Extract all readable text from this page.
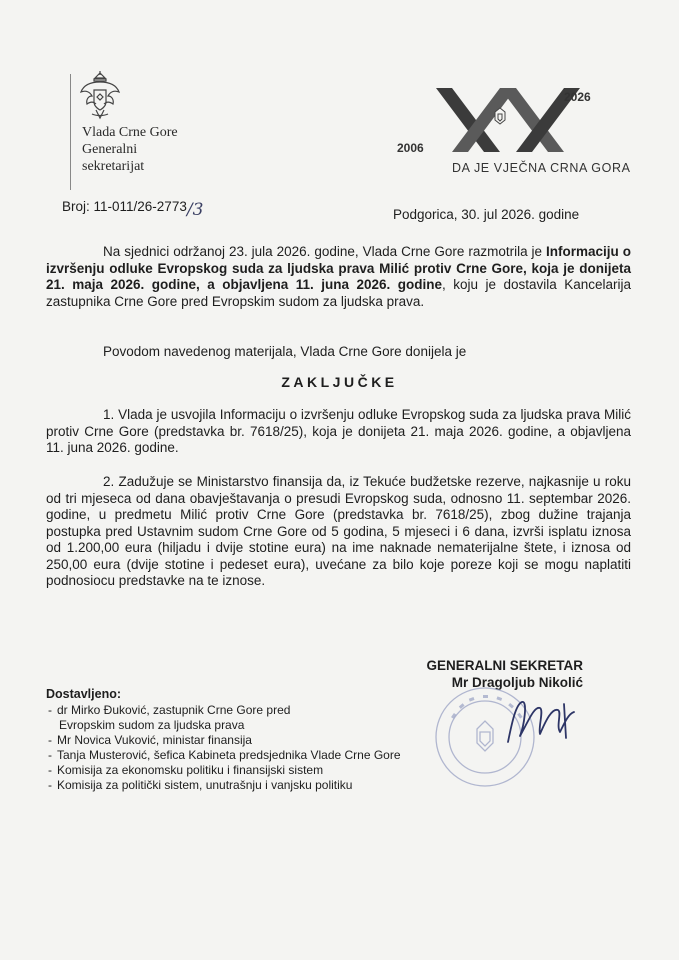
Vlada Crne Gore
Generalni
sekretarijat
2026
2006
DA JE VJEČNA CRNA GORA
Broj: 11-011/26-2773/3	Podgorica, 30. jul 2026. godine

Na sjednici održanoj 23. jula 2026. godine, Vlada Crne Gore razmotrila je Informaciju o izvršenju odluke Evropskog suda za ljudska prava Milić protiv Crne Gore, koja je donijeta 21. maja 2026. godine, a objavljena 11. juna 2026. godine, koju je dostavila Kancelarija zastupnika Crne Gore pred Evropskim sudom za ljudska prava.

Povodom navedenog materijala, Vlada Crne Gore donijela je

ZAKLJUČKE

1. Vlada je usvojila Informaciju o izvršenju odluke Evropskog suda za ljudska prava Milić protiv Crne Gore (predstavka br. 7618/25), koja je donijeta 21. maja 2026. godine, a objavljena 11. juna 2026. godine.

2. Zadužuje se Ministarstvo finansija da, iz Tekuće budžetske rezerve, najkasnije u roku od tri mjeseca od dana obavještavanja o presudi Evropskog suda, odnosno 11. septembar 2026. godine, u predmetu Milić protiv Crne Gore (predstavka br. 7618/25), zbog dužine trajanja postupka pred Ustavnim sudom Crne Gore od 5 godina, 5 mjeseci i 6 dana, izvrši isplatu iznosa od 1.200,00 eura (hiljadu i dvije stotine eura) na ime naknade nematerijalne štete, i iznosa od 250,00 eura (dvije stotine i pedeset eura), uvećane za bilo koje poreze koji se mogu naplatiti podnosiocu predstavke na te iznose.

GENERALNI SEKRETAR
Mr Dragoljub Nikolić
Dostavljeno:
- dr Mirko Đuković, zastupnik Crne Gore pred
Evropskim sudom za ljudska prava
- Mr Novica Vuković, ministar finansija
- Tanja Musterović, šefica Kabineta predsjednika Vlade Crne Gore
- Komisija za ekonomsku politiku i finansijski sistem
- Komisija za politički sistem, unutrašnju i vanjsku politiku
